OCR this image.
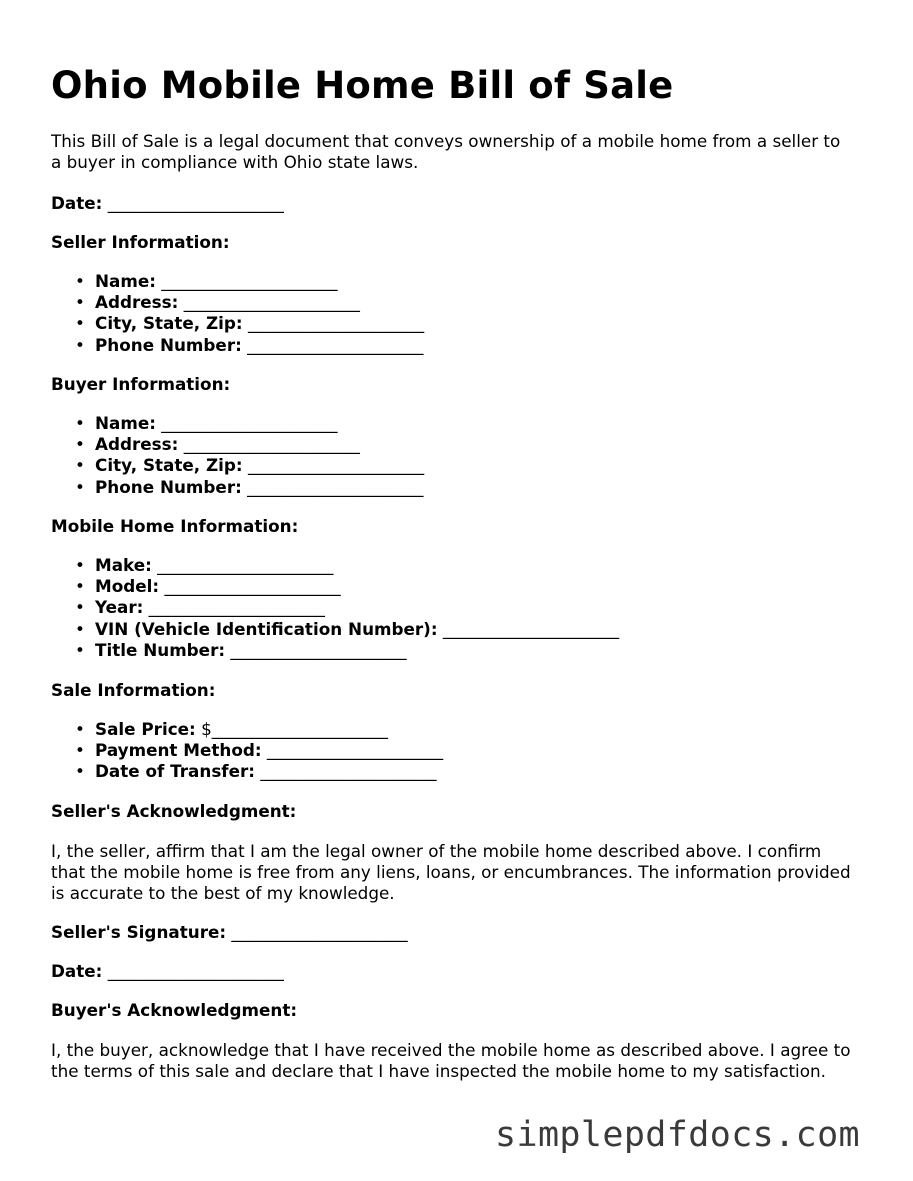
Ohio Mobile Home Bill of Sale

This Bill of Sale is a legal document that conveys ownership of a mobile home from a seller to a buyer in compliance with Ohio state laws.

Date: _____________________

Seller Information:

• Name: _____________________
• Address: _____________________
• City, State, Zip: _____________________
• Phone Number: _____________________

Buyer Information:

• Name: _____________________
• Address: _____________________
• City, State, Zip: _____________________
• Phone Number: _____________________

Mobile Home Information:

• Make: _____________________
• Model: _____________________
• Year: _____________________
• VIN (Vehicle Identification Number): _____________________
• Title Number: _____________________

Sale Information:

• Sale Price: $_____________________
• Payment Method: _____________________
• Date of Transfer: _____________________

Seller's Acknowledgment:

I, the seller, affirm that I am the legal owner of the mobile home described above. I confirm that the mobile home is free from any liens, loans, or encumbrances. The information provided is accurate to the best of my knowledge.

Seller's Signature: _____________________

Date: _____________________

Buyer's Acknowledgment:

I, the buyer, acknowledge that I have received the mobile home as described above. I agree to the terms of this sale and declare that I have inspected the mobile home to my satisfaction.

simplepdfdocs.com
